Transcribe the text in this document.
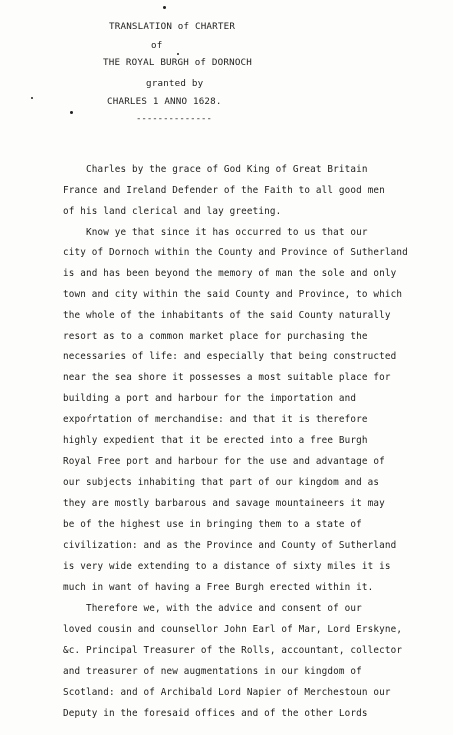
TRANSLATION of CHARTER
of
THE ROYAL BURGH of DORNOCH
granted by
CHARLES 1 ANNO 1628.
--------------
Charles by the grace of God King of Great Britain
France and Ireland Defender of the Faith to all good men
of his land clerical and lay greeting.
Know ye that since it has occurred to us that our
city of Dornoch within the County and Province of Sutherland
is and has been beyond the memory of man the sole and only
town and city within the said County and Province, to which
the whole of the inhabitants of the said County naturally
resort as to a common market place for purchasing the
necessaries of life: and especially that being constructed
near the sea shore it possesses a most suitable place for
building a port and harbour for the importation and
expoŕrtation of merchandise: and that it is therefore
highly expedient that it be erected into a free Burgh
Royal Free port and harbour for the use and advantage of
our subjects inhabiting that part of our kingdom and as
they are mostly barbarous and savage mountaineers it may
be of the highest use in bringing them to a state of
civilization: and as the Province and County of Sutherland
is very wide extending to a distance of sixty miles it is
much in want of having a Free Burgh erected within it.
Therefore we, with the advice and consent of our
loved cousin and counsellor John Earl of Mar, Lord Erskyne,
&c. Principal Treasurer of the Rolls, accountant, collector
and treasurer of new augmentations in our kingdom of
Scotland: and of Archibald Lord Napier of Merchestoun our
Deputy in the foresaid offices and of the other Lords
